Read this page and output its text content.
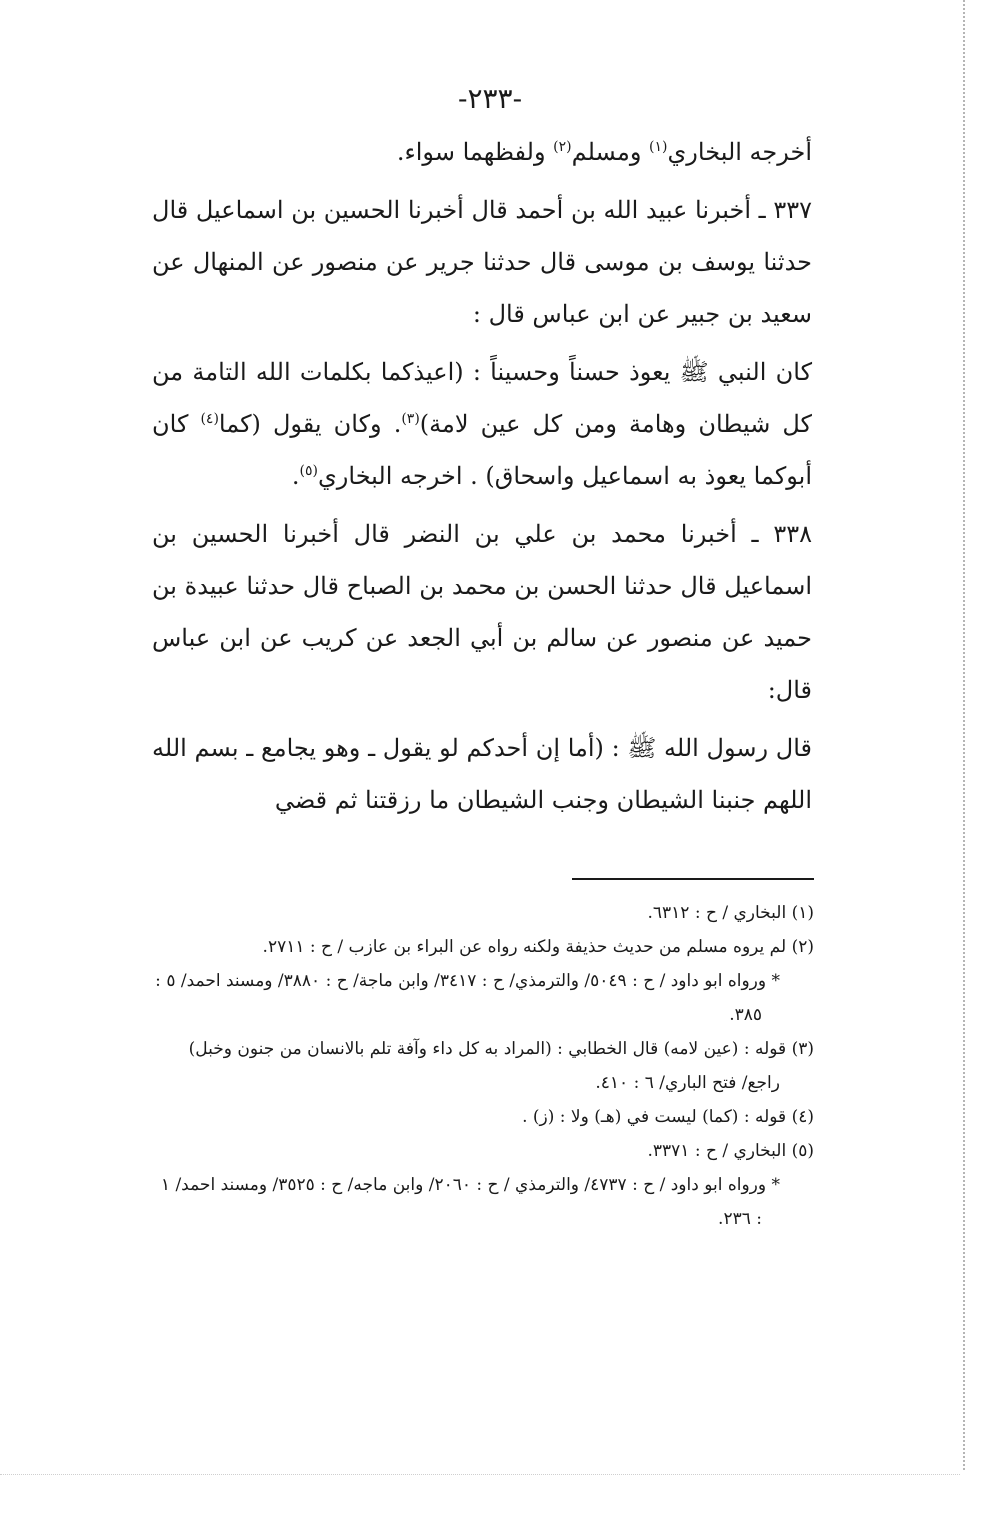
-٢٣٣-

أخرجه البخاري$^{(١)}$ ومسلم$^{(٢)}$ ولفظهما سواء.

٣٣٧ ـ أخبرنا عبيد الله بن أحمد قال أخبرنا الحسين بن اسماعيل قال حدثنا يوسف بن موسى قال حدثنا جرير عن منصور عن المنهال عن سعيد بن جبير عن ابن عباس قال :

كان النبي ﷺ يعوذ حسناً وحسيناً : (اعيذكما بكلمات الله التامة من كل شيطان وهامة ومن كل عين لامة)$^{(٣)}$. وكان يقول (كما$^{(٤)}$ كان أبوكما يعوذ به اسماعيل واسحاق) . اخرجه البخاري$^{(٥)}$.

٣٣٨ ـ أخبرنا محمد بن علي بن النضر قال أخبرنا الحسين بن اسماعيل قال حدثنا الحسن بن محمد بن الصباح قال حدثنا عبيدة بن حميد عن منصور عن سالم بن أبي الجعد عن كريب عن ابن عباس قال:

قال رسول الله ﷺ : (أما إن أحدكم لو يقول ـ وهو يجامع ـ بسم الله اللهم جنبنا الشيطان وجنب الشيطان ما رزقتنا ثم قضي

(١) البخاري / ح : ٦٣١٢.

(٢) لم يروه مسلم من حديث حذيفة ولكنه رواه عن البراء بن عازب / ح : ٢٧١١.

* ورواه ابو داود / ح : ٥٠٤٩/ والترمذي/ ح : ٣٤١٧/ وابن ماجة/ ح : ٣٨٨٠/ ومسند احمد/ ٥ : ٣٨٥.

(٣) قوله : (عين لامه) قال الخطابي : (المراد به كل داء وآفة تلم بالانسان من جنون وخبل) راجع/ فتح الباري/ ٦ : ٤١٠.

(٤) قوله : (كما) ليست في (هـ) ولا : (ز) .

(٥) البخاري / ح : ٣٣٧١.

* ورواه ابو داود / ح : ٤٧٣٧/ والترمذي / ح : ٢٠٦٠/ وابن ماجه/ ح : ٣٥٢٥/ ومسند احمد/ ١ : ٢٣٦.
